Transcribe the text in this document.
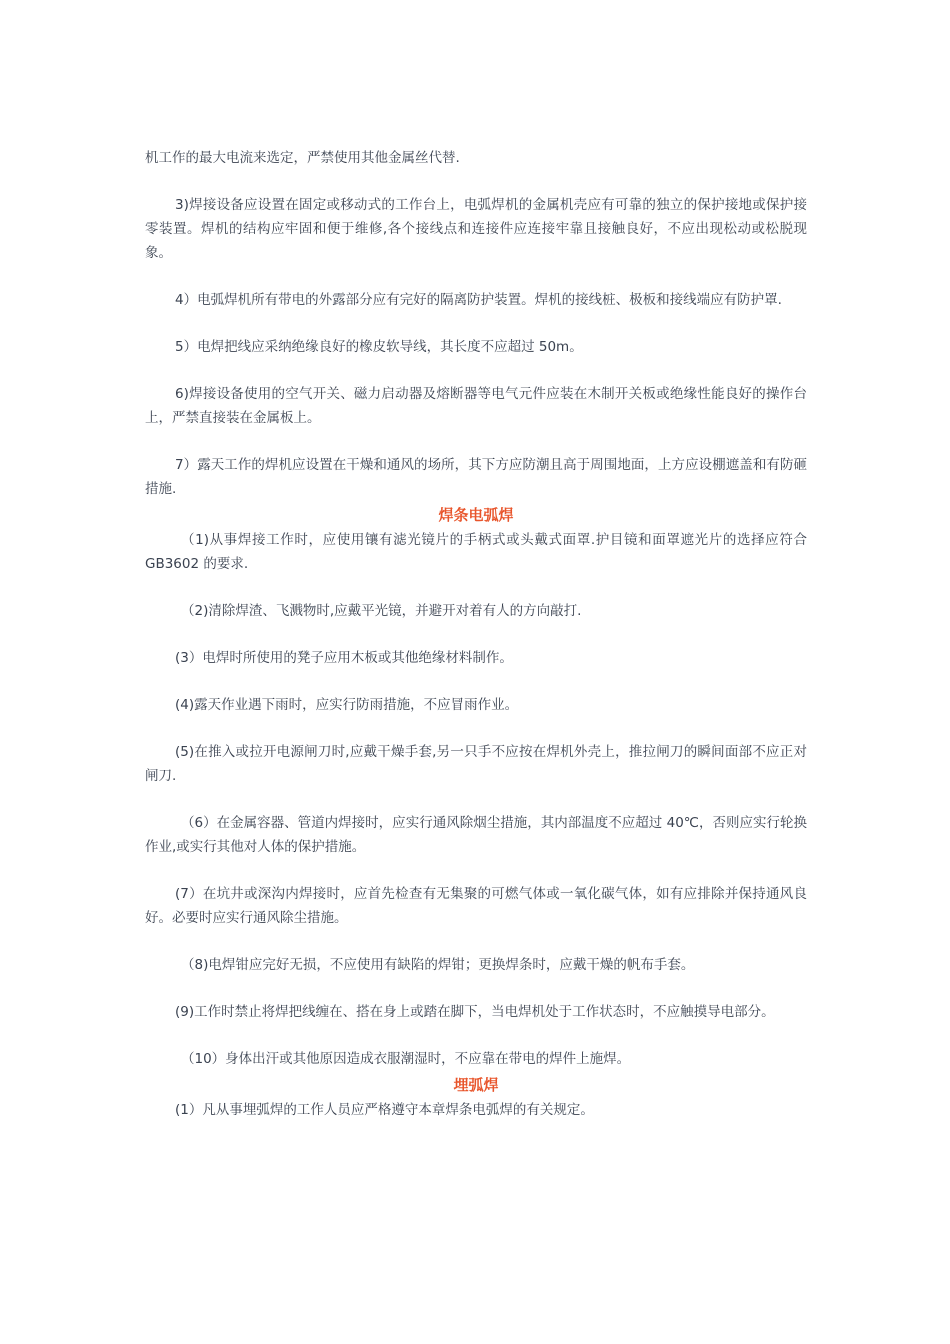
机工作的最大电流来选定，严禁使用其他金属丝代替.

3)焊接设备应设置在固定或移动式的工作台上，电弧焊机的金属机壳应有可靠的独立的保护接地或保护接零装置。焊机的结构应牢固和便于维修,各个接线点和连接件应连接牢靠且接触良好，不应出现松动或松脱现象。

4）电弧焊机所有带电的外露部分应有完好的隔离防护装置。焊机的接线桩、极板和接线端应有防护罩.

5）电焊把线应采纳绝缘良好的橡皮软导线，其长度不应超过 50m。

6)焊接设备使用的空气开关、磁力启动器及熔断器等电气元件应装在木制开关板或绝缘性能良好的操作台上，严禁直接装在金属板上。

7）露天工作的焊机应设置在干燥和通风的场所，其下方应防潮且高于周围地面，上方应设棚遮盖和有防砸措施.

焊条电弧焊

（1)从事焊接工作时，应使用镶有滤光镜片的手柄式或头戴式面罩.护目镜和面罩遮光片的选择应符合 GB3602 的要求.

（2)清除焊渣、飞溅物时,应戴平光镜，并避开对着有人的方向敲打.

(3）电焊时所使用的凳子应用木板或其他绝缘材料制作。

(4)露天作业遇下雨时，应实行防雨措施，不应冒雨作业。

(5)在推入或拉开电源闸刀时,应戴干燥手套,另一只手不应按在焊机外壳上，推拉闸刀的瞬间面部不应正对闸刀.

（6）在金属容器、管道内焊接时，应实行通风除烟尘措施，其内部温度不应超过 40℃，否则应实行轮换作业,或实行其他对人体的保护措施。

(7）在坑井或深沟内焊接时，应首先检查有无集聚的可燃气体或一氧化碳气体，如有应排除并保持通风良好。必要时应实行通风除尘措施。

（8)电焊钳应完好无损，不应使用有缺陷的焊钳；更换焊条时，应戴干燥的帆布手套。

(9)工作时禁止将焊把线缠在、搭在身上或踏在脚下，当电焊机处于工作状态时，不应触摸导电部分。

（10）身体出汗或其他原因造成衣服潮湿时，不应靠在带电的焊件上施焊。

埋弧焊

(1）凡从事埋弧焊的工作人员应严格遵守本章焊条电弧焊的有关规定。
